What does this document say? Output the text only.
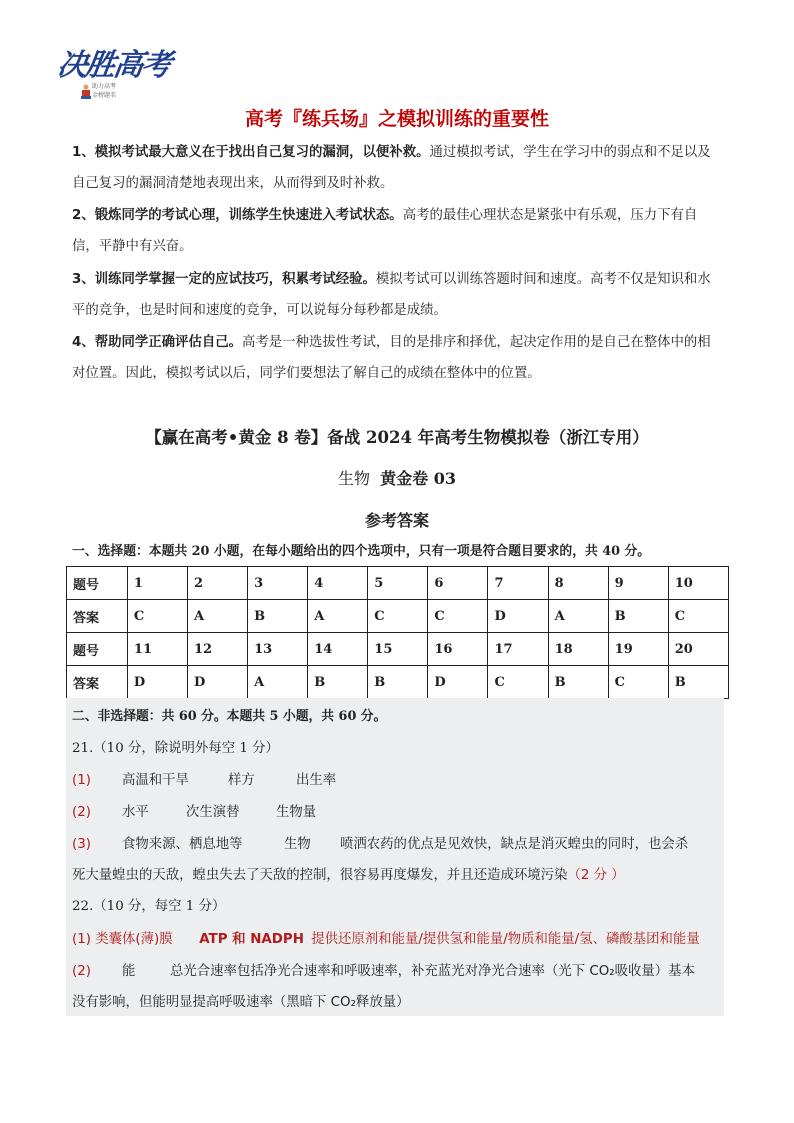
决胜高考
助力高考
金榜题名
高考『练兵场』之模拟训练的重要性
1、模拟考试最大意义在于找出自己复习的漏洞，以便补救。通过模拟考试，学生在学习中的弱点和不足以及自己复习的漏洞清楚地表现出来，从而得到及时补救。
2、锻炼同学的考试心理，训练学生快速进入考试状态。高考的最佳心理状态是紧张中有乐观，压力下有自信，平静中有兴奋。
3、训练同学掌握一定的应试技巧，积累考试经验。模拟考试可以训练答题时间和速度。高考不仅是知识和水平的竞争，也是时间和速度的竞争，可以说每分每秒都是成绩。
4、帮助同学正确评估自己。高考是一种选拔性考试，目的是排序和择优，起决定作用的是自己在整体中的相对位置。因此，模拟考试以后，同学们要想法了解自己的成绩在整体中的位置。
【赢在高考•黄金 8 卷】备战 2024 年高考生物模拟卷（浙江专用）
生物 黄金卷 03
参考答案
一、选择题：本题共 20 小题，在每小题给出的四个选项中，只有一项是符合题目要求的，共 40 分。
题号	1	2	3	4	5	6	7	8	9	10
答案	C	A	B	A	C	C	D	A	B	C
题号	11	12	13	14	15	16	17	18	19	20
答案	D	D	A	B	B	D	C	B	C	B
二、非选择题：共 60 分。本题共 5 小题，共 60 分。
21.（10 分，除说明外每空 1 分）
(1) 高温和干旱	样方	出生率
(2) 水平	次生演替	生物量
(3) 食物来源、栖息地等	生物 喷洒农药的优点是见效快，缺点是消灭蝗虫的同时，也会杀
死大量蝗虫的天敌，蝗虫失去了天敌的控制，很容易再度爆发，并且还造成环境污染（2 分 ）
22.（10 分，每空 1 分）
(1) 类囊体(薄)膜 ATP 和 NADPH 提供还原剂和能量/提供氢和能量/物质和能量/氢、磷酸基团和能量
(2) 能	总光合速率包括净光合速率和呼吸速率，补充蓝光对净光合速率（光下 CO₂吸收量）基本
没有影响，但能明显提高呼吸速率（黑暗下 CO₂释放量）
